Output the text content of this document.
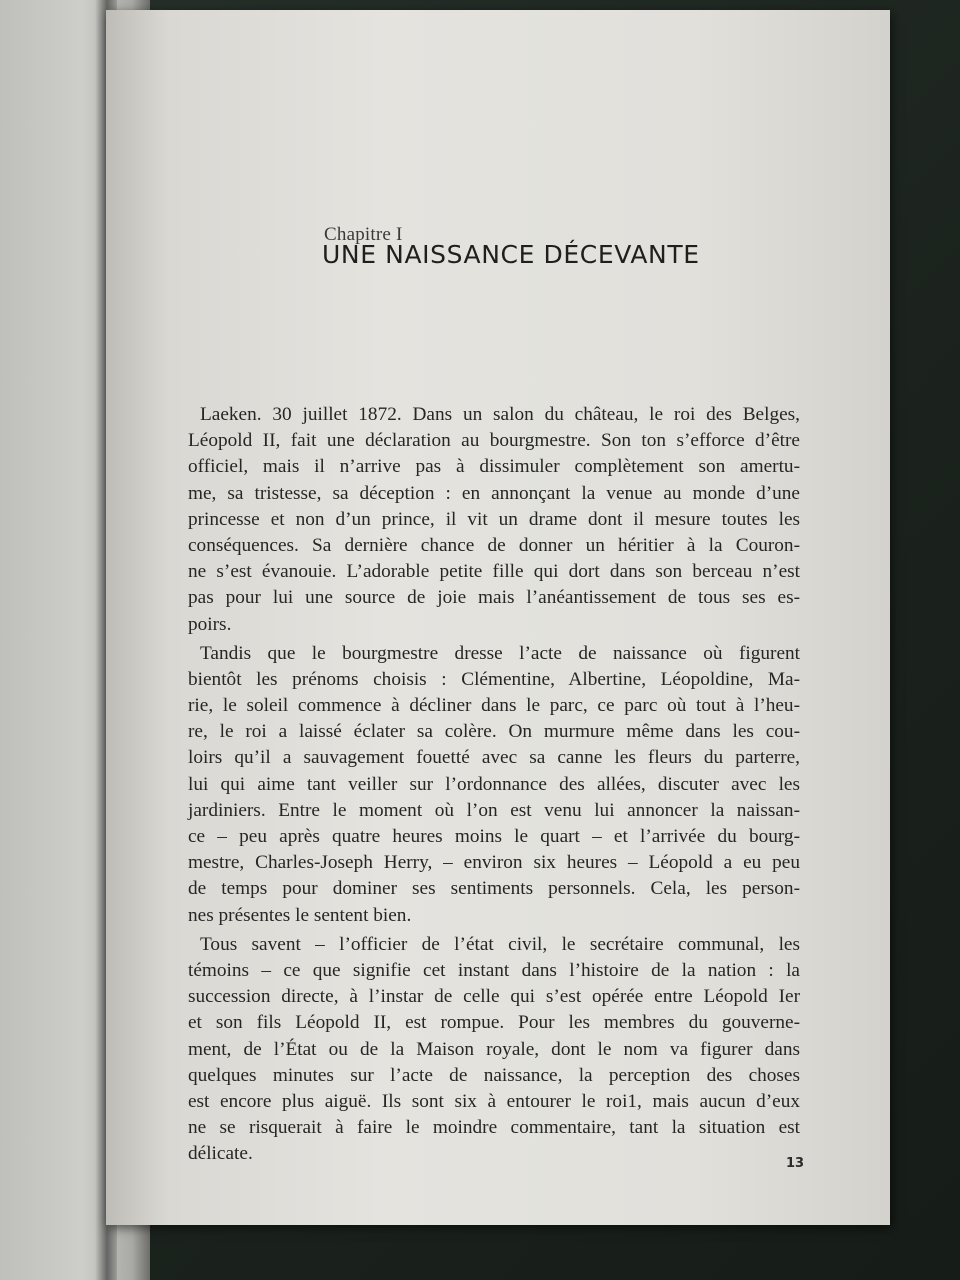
Chapitre I
UNE NAISSANCE DÉCEVANTE
Laeken. 30 juillet 1872. Dans un salon du château, le roi des Belges,
Léopold II, fait une déclaration au bourgmestre. Son ton s’efforce d’être
officiel, mais il n’arrive pas à dissimuler complètement son amertu-
me, sa tristesse, sa déception : en annonçant la venue au monde d’une
princesse et non d’un prince, il vit un drame dont il mesure toutes les
conséquences. Sa dernière chance de donner un héritier à la Couron-
ne s’est évanouie. L’adorable petite fille qui dort dans son berceau n’est
pas pour lui une source de joie mais l’anéantissement de tous ses es-
poirs.
Tandis que le bourgmestre dresse l’acte de naissance où figurent
bientôt les prénoms choisis : Clémentine, Albertine, Léopoldine, Ma-
rie, le soleil commence à décliner dans le parc, ce parc où tout à l’heu-
re, le roi a laissé éclater sa colère. On murmure même dans les cou-
loirs qu’il a sauvagement fouetté avec sa canne les fleurs du parterre,
lui qui aime tant veiller sur l’ordonnance des allées, discuter avec les
jardiniers. Entre le moment où l’on est venu lui annoncer la naissan-
ce – peu après quatre heures moins le quart – et l’arrivée du bourg-
mestre, Charles-Joseph Herry, – environ six heures – Léopold a eu peu
de temps pour dominer ses sentiments personnels. Cela, les person-
nes présentes le sentent bien.
Tous savent – l’officier de l’état civil, le secrétaire communal, les
témoins – ce que signifie cet instant dans l’histoire de la nation : la
succession directe, à l’instar de celle qui s’est opérée entre Léopold Ier
et son fils Léopold II, est rompue. Pour les membres du gouverne-
ment, de l’État ou de la Maison royale, dont le nom va figurer dans
quelques minutes sur l’acte de naissance, la perception des choses
est encore plus aiguë. Ils sont six à entourer le roi1, mais aucun d’eux
ne se risquerait à faire le moindre commentaire, tant la situation est
délicate.	13
